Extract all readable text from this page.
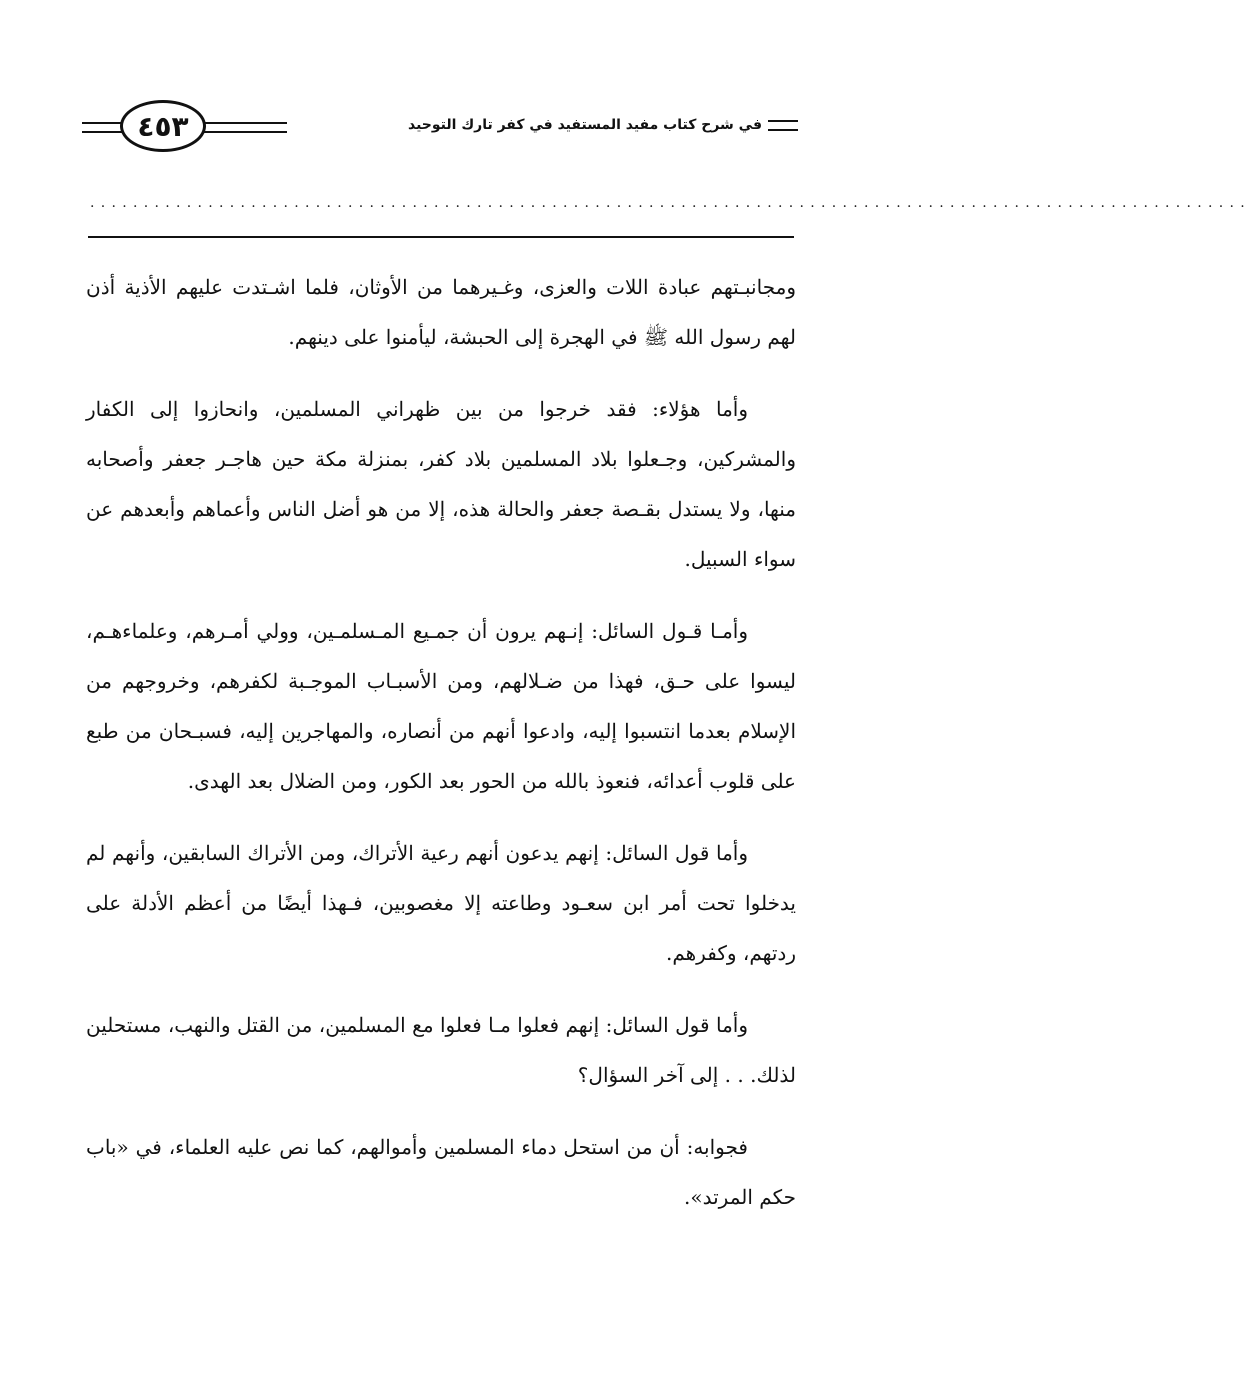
٤٥٣	في شرح كتاب مفيد المستفيد في كفر تارك التوحيد
............................................................................................................

ومجانبـتهم عبادة اللات والعزى، وغـيرهما من الأوثان، فلما اشـتدت عليهم الأذية أذن لهم رسول الله ﷺ في الهجرة إلى الحبشة، ليأمنوا على دينهم.

وأما هؤلاء: فقد خرجوا من بين ظهراني المسلمين، وانحازوا إلى الكفار والمشركين، وجـعلوا بلاد المسلمين بلاد كفر، بمنزلة مكة حين هاجـر جعفر وأصحابه منها، ولا يستدل بقـصة جعفر والحالة هذه، إلا من هو أضل الناس وأعماهم وأبعدهم عن سواء السبيل.

وأمـا قـول السائل: إنـهم يرون أن جمـيع المـسلمـين، وولي أمـرهم، وعلماءهـم، ليسوا على حـق، فهذا من ضـلالهم، ومن الأسبـاب الموجـبة لكفرهم، وخروجهم من الإسلام بعدما انتسبوا إليه، وادعوا أنهم من أنصاره، والمهاجرين إليه، فسبـحان من طبع على قلوب أعدائه، فنعوذ بالله من الحور بعد الكور، ومن الضلال بعد الهدى.

وأما قول السائل: إنهم يدعون أنهم رعية الأتراك، ومن الأتراك السابقين، وأنهم لم يدخلوا تحت أمر ابن سعـود وطاعته إلا مغصوبين، فـهذا أيضًا من أعظم الأدلة على ردتهم، وكفرهم.

وأما قول السائل: إنهم فعلوا مـا فعلوا مع المسلمين، من القتل والنهب، مستحلين لذلك. . . إلى آخر السؤال؟

فجوابه: أن من استحل دماء المسلمين وأموالهم، كما نص عليه العلماء، في «باب حكم المرتد».
